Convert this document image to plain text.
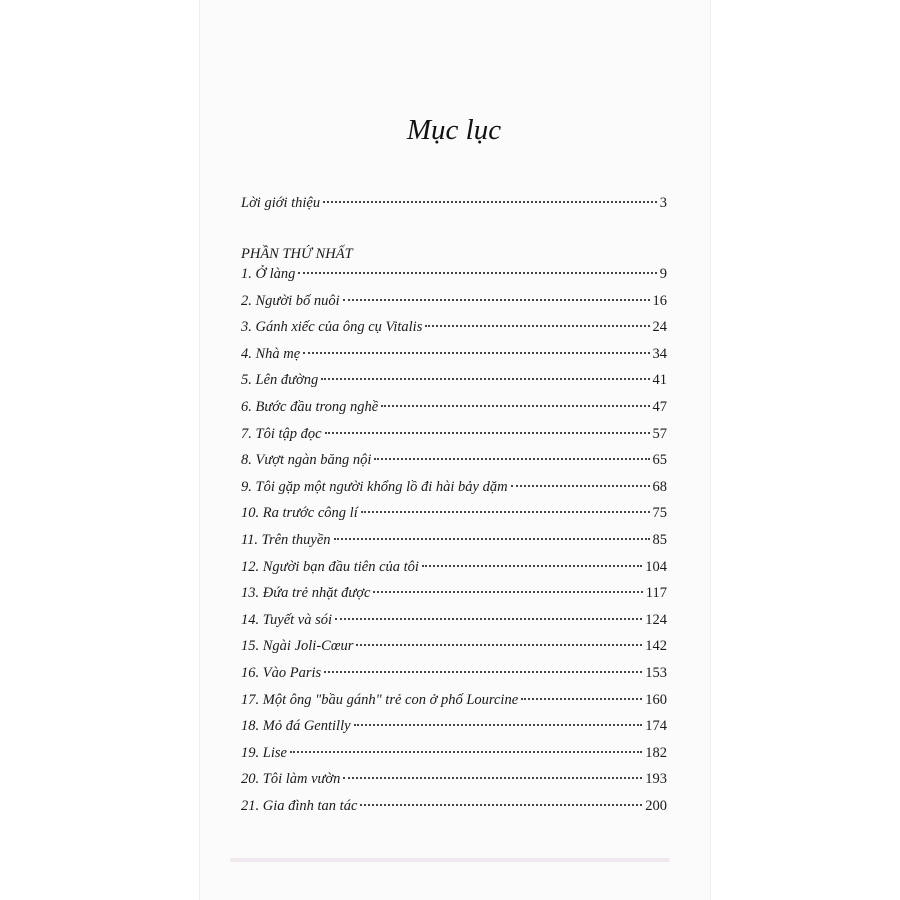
Mục lục
Lời giới thiệu	3
PHẦN THỨ NHẤT
1. Ở làng	9
2. Người bố nuôi	16
3. Gánh xiếc của ông cụ Vitalis	24
4. Nhà mẹ	34
5. Lên đường	41
6. Bước đầu trong nghề	47
7. Tôi tập đọc	57
8. Vượt ngàn băng nội	65
9. Tôi gặp một người khổng lồ đi hài bảy dặm	68
10. Ra trước công lí	75
11. Trên thuyền	85
12. Người bạn đầu tiên của tôi	104
13. Đứa trẻ nhặt được	117
14. Tuyết và sói	124
15. Ngài Joli-Cœur	142
16. Vào Paris	153
17. Một ông "bầu gánh" trẻ con ở phố Lourcine	160
18. Mỏ đá Gentilly	174
19. Lise	182
20. Tôi làm vườn	193
21. Gia đình tan tác	200
